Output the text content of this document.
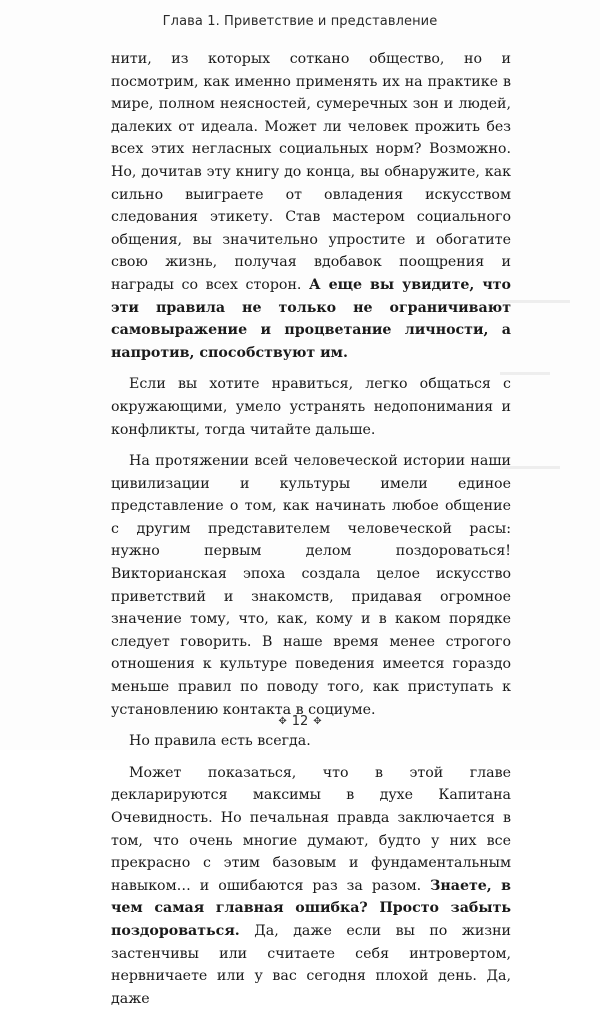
Глава 1. Приветствие и представление

нити, из которых соткано общество, но и посмотрим, как именно применять их на практике в мире, полном неясностей, сумеречных зон и людей, далеких от идеала. Может ли человек прожить без всех этих негласных социальных норм? Возможно. Но, дочитав эту книгу до конца, вы обнаружите, как сильно выиграете от овладения искусством следования этикету. Став мастером социального общения, вы значительно упростите и обогатите свою жизнь, получая вдобавок поощрения и награды со всех сторон. А еще вы увидите, что эти правила не только не ограничивают самовыражение и процветание личности, а напротив, способствуют им.

Если вы хотите нравиться, легко общаться с окружающими, умело устранять недопонимания и конфликты, тогда читайте дальше.

На протяжении всей человеческой истории наши цивилизации и культуры имели единое представление о том, как начинать любое общение с другим представителем человеческой расы: нужно первым делом поздороваться! Викторианская эпоха создала целое искусство приветствий и знакомств, придавая огромное значение тому, что, как, кому и в каком порядке следует говорить. В наше время менее строгого отношения к культуре поведения имеется гораздо меньше правил по поводу того, как приступать к установлению контакта в социуме.

Но правила есть всегда.

Может показаться, что в этой главе декларируются максимы в духе Капитана Очевидность. Но печальная правда заключается в том, что очень многие думают, будто у них все прекрасно с этим базовым и фундаментальным навыком… и ошибаются раз за разом. Знаете, в чем самая главная ошибка? Просто забыть поздороваться. Да, даже если вы по жизни застенчивы или считаете себя интровертом, нервничаете или у вас сегодня плохой день. Да, даже

✥ 12 ✥
